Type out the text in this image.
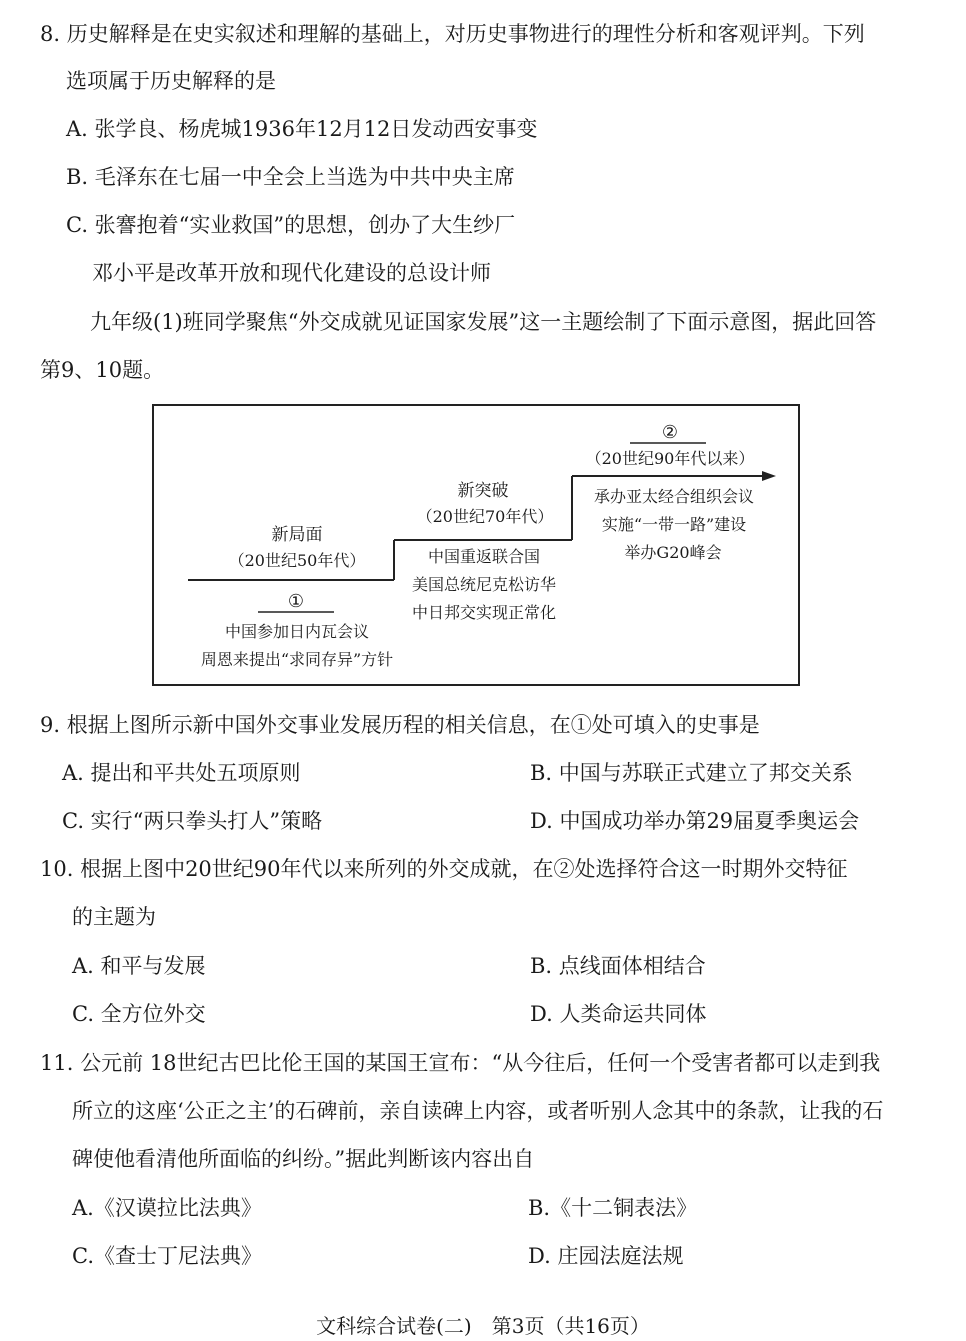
8. 历史解释是在史实叙述和理解的基础上，对历史事物进行的理性分析和客观评判。下列
选项属于历史解释的是
A. 张学良、杨虎城1936年12月12日发动西安事变
B. 毛泽东在七届一中全会上当选为中共中央主席
C. 张謇抱着“实业救国”的思想，创办了大生纱厂
邓小平是改革开放和现代化建设的总设计师
九年级(1)班同学聚焦“外交成就见证国家发展”这一主题绘制了下面示意图，据此回答
第9、10题。
新局面
（20世纪50年代）
①
中国参加日内瓦会议
周恩来提出“求同存异”方针
新突破
（20世纪70年代）
中国重返联合国
美国总统尼克松访华
中日邦交实现正常化
②
（20世纪90年代以来）
承办亚太经合组织会议
实施“一带一路”建设
举办G20峰会
9. 根据上图所示新中国外交事业发展历程的相关信息，在①处可填入的史事是
A. 提出和平共处五项原则	B. 中国与苏联正式建立了邦交关系
C. 实行“两只拳头打人”策略	D. 中国成功举办第29届夏季奥运会
10. 根据上图中20世纪90年代以来所列的外交成就，在②处选择符合这一时期外交特征
的主题为
A. 和平与发展	B. 点线面体相结合
C. 全方位外交	D. 人类命运共同体
11. 公元前 18世纪古巴比伦王国的某国王宣布：“从今往后，任何一个受害者都可以走到我
所立的这座‘公正之主’的石碑前，亲自读碑上内容，或者听别人念其中的条款，让我的石
碑使他看清他所面临的纠纷。”据此判断该内容出自
A.《汉谟拉比法典》	B.《十二铜表法》
C.《查士丁尼法典》	D. 庄园法庭法规
文科综合试卷(二)　第3页（共16页）
